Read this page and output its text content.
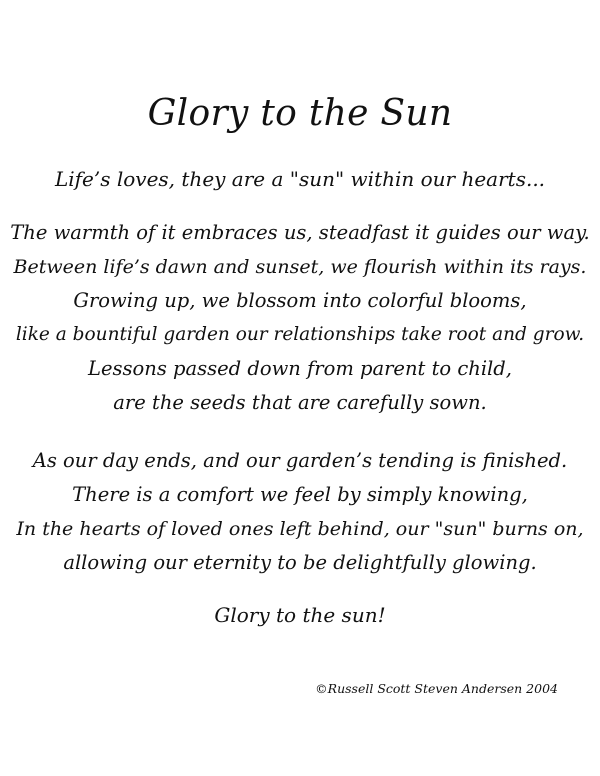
Glory to the Sun
Life’s loves, they are a "sun" within our hearts...
The warmth of it embraces us, steadfast it guides our way.
Between life’s dawn and sunset, we flourish within its rays.
Growing up, we blossom into colorful blooms,
like a bountiful garden our relationships take root and grow.
Lessons passed down from parent to child,
are the seeds that are carefully sown.
As our day ends, and our garden’s tending is finished.
There is a comfort we feel by simply knowing,
In the hearts of loved ones left behind, our "sun" burns on,
allowing our eternity to be delightfully glowing.
Glory to the sun!
©Russell Scott Steven Andersen 2004
